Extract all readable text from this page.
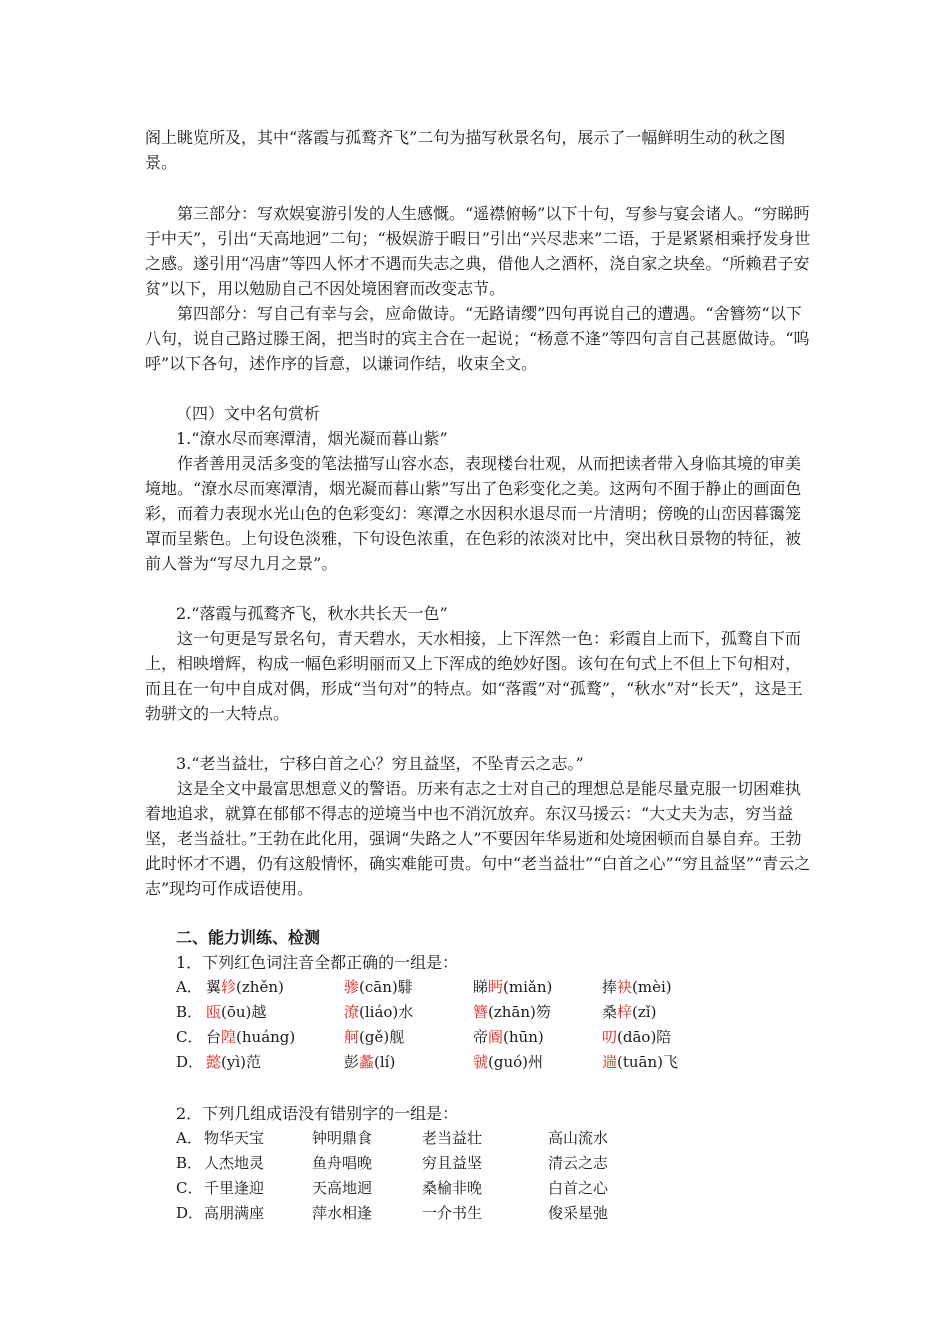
阁上眺览所及，其中“落霞与孤鹜齐飞”二句为描写秋景名句，展示了一幅鲜明生动的秋之图景。

第三部分：写欢娱宴游引发的人生感慨。“遥襟俯畅”以下十句，写参与宴会诸人。“穷睇眄于中天”，引出“天高地迥”二句；“极娱游于暇日”引出“兴尽悲来”二语，于是紧紧相乘抒发身世之感。遂引用“冯唐”等四人怀才不遇而失志之典，借他人之酒杯，浇自家之块垒。“所赖君子安贫”以下，用以勉励自己不因处境困窘而改变志节。

第四部分：写自己有幸与会，应命做诗。“无路请缨”四句再说自己的遭遇。“舍簪笏“以下八句，说自己路过滕王阁，把当时的宾主合在一起说；“杨意不逢”等四句言自己甚愿做诗。“呜呼”以下各句，述作序的旨意，以谦词作结，收束全文。

（四）文中名句赏析
1.“潦水尽而寒潭清，烟光凝而暮山紫”

作者善用灵活多变的笔法描写山容水态，表现楼台壮观，从而把读者带入身临其境的审美境地。“潦水尽而寒潭清，烟光凝而暮山紫”写出了色彩变化之美。这两句不囿于静止的画面色彩，而着力表现水光山色的色彩变幻：寒潭之水因积水退尽而一片清明；傍晚的山峦因暮霭笼罩而呈紫色。上句设色淡雅，下句设色浓重，在色彩的浓淡对比中，突出秋日景物的特征，被前人誉为“写尽九月之景”。

2.“落霞与孤鹜齐飞，秋水共长天一色”

这一句更是写景名句，青天碧水，天水相接，上下浑然一色：彩霞自上而下，孤鹜自下而上，相映增辉，构成一幅色彩明丽而又上下浑成的绝妙好图。该句在句式上不但上下句相对，而且在一句中自成对偶，形成“当句对”的特点。如“落霞”对“孤鹜”，“秋水”对“长天”，这是王勃骈文的一大特点。

3.“老当益壮，宁移白首之心？穷且益坚，不坠青云之志。”

这是全文中最富思想意义的警语。历来有志之士对自己的理想总是能尽量克服一切困难执着地追求，就算在郁郁不得志的逆境当中也不消沉放弃。东汉马援云：“大丈夫为志，穷当益坚，老当益壮。”王勃在此化用，强调“失路之人”不要因年华易逝和处境困顿而自暴自弃。王勃此时怀才不遇，仍有这般情怀，确实难能可贵。句中“老当益壮”“白首之心”“穷且益坚”“青云之志”现均可作成语使用。

二、能力训练、检测
1．下列红色词注音全都正确的一组是：
A． 翼轸(zhěn)	骖(cān)騑	睇眄(miǎn)	捧袂(mèi)
B． 瓯(ōu)越	潦(liáo)水	簪(zhān)笏	桑梓(zǐ)
C． 台隍(huáng)	舸(gě)舰	帝阍(hūn)	叨(dāo)陪
D． 懿(yì)范	彭蠡(lí)	虢(guó)州	遄(tuān)飞
2．下列几组成语没有错别字的一组是：
A． 物华天宝	钟明鼎食	老当益壮	高山流水
B． 人杰地灵	鱼舟唱晚	穷且益坚	清云之志
C． 千里逢迎	天高地迥	桑榆非晚	白首之心
D． 高朋满座	萍水相逢	一介书生	俊采星弛
